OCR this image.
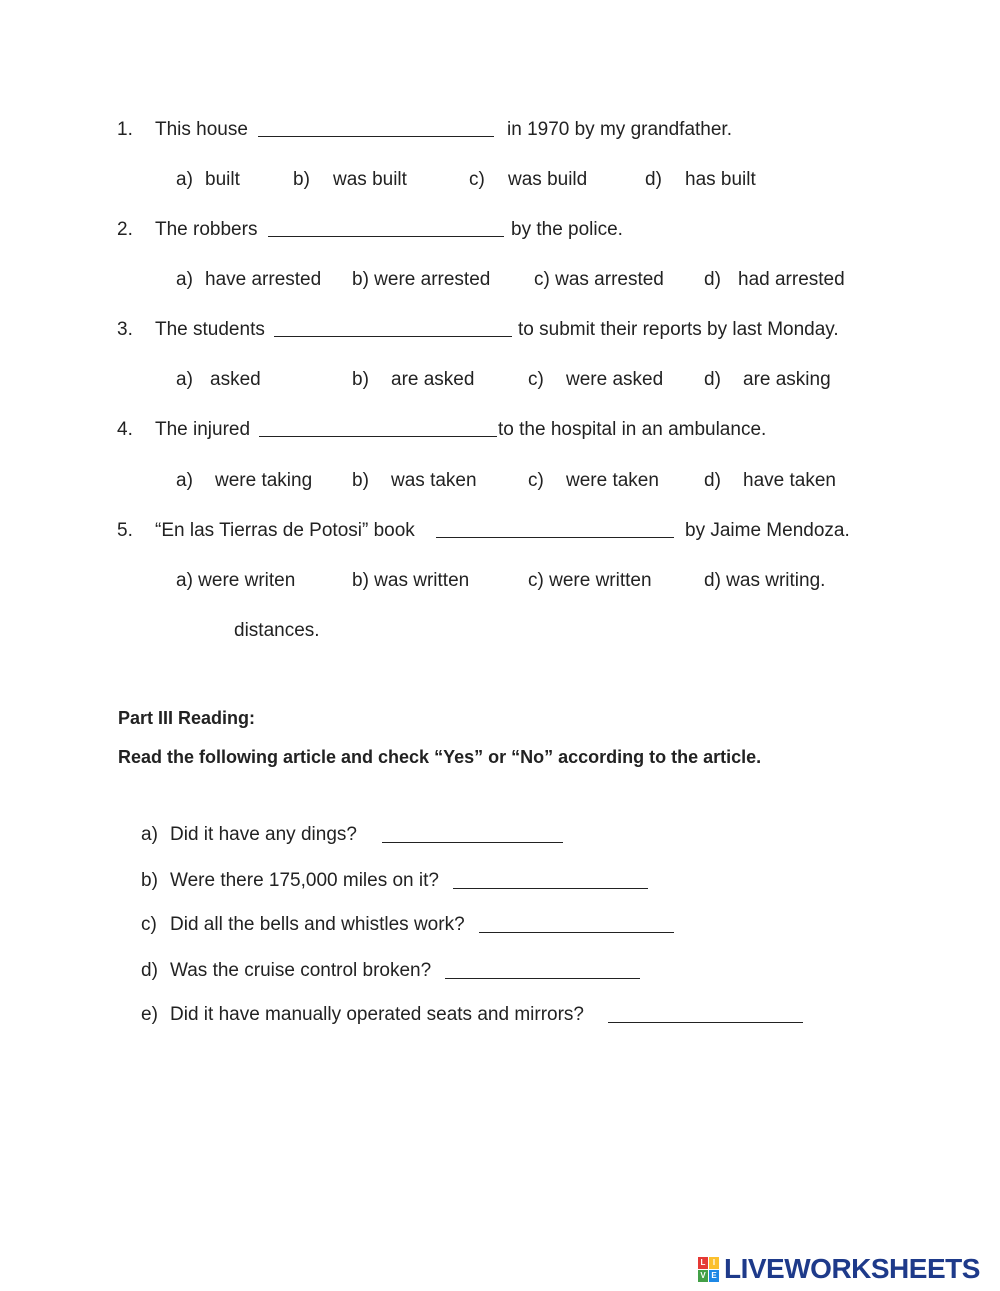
1. This house	in 1970 by my grandfather.
a) built	b) was built	c) was build	d) has built
2. The robbers	by the police.
a) have arrested b) were arrested c) was arrested d) had arrested
3. The students	to submit their reports by last Monday.
a) asked	b) are asked	c) were asked d) are asking
4. The injured	to the hospital in an ambulance.
a) were taking b) was taken	c) were taken d) have taken
5. “En las Tierras de Potosi” book	by Jaime Mendoza.
a) were writen	b) was written	c) were written	d) was writing.
distances.
Part III Reading:
Read the following article and check “Yes” or “No” according to the article.
a) Did it have any dings?
b) Were there 175,000 miles on it?
c) Did all the bells and whistles work?
d) Was the cruise control broken?
e) Did it have manually operated seats and mirrors?
L I
V E LIVEWORKSHEETS
